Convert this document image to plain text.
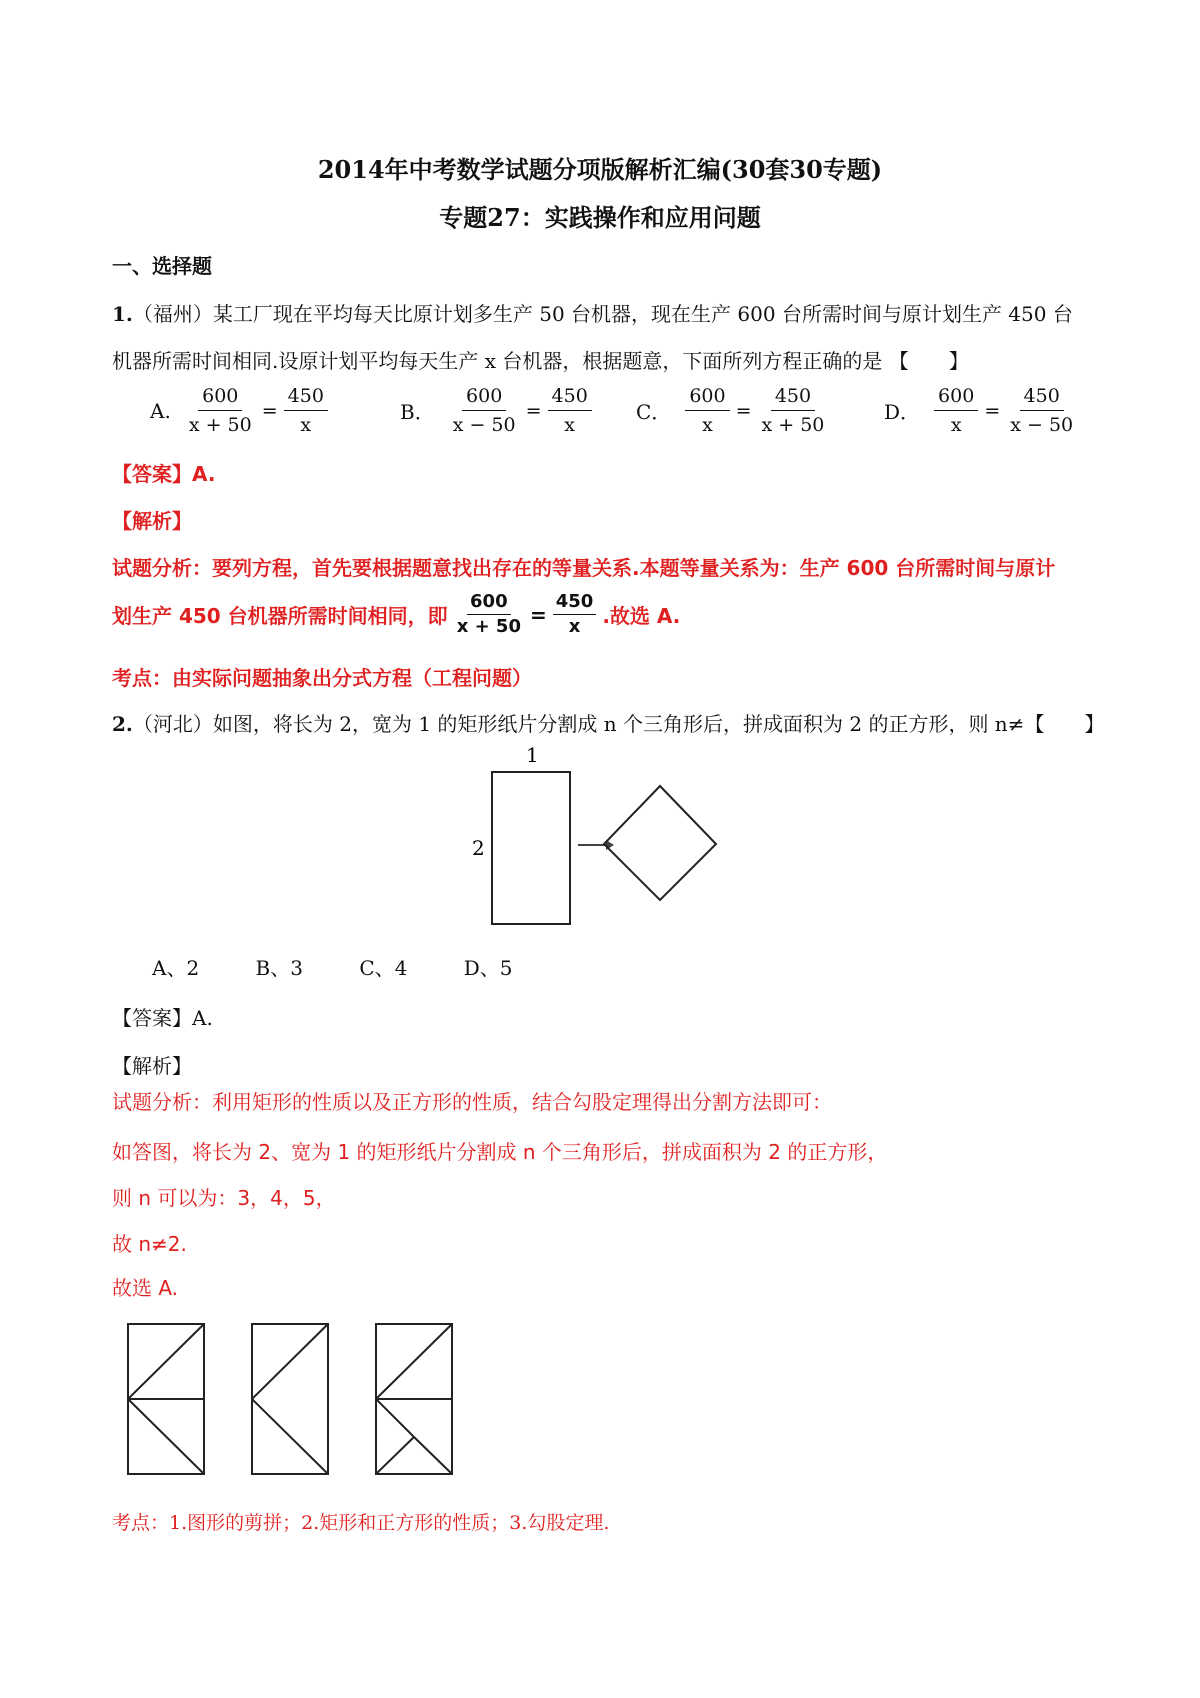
2014年中考数学试题分项版解析汇编(30套30专题)
专题27：实践操作和应用问题
一、选择题
1.（福州）某工厂现在平均每天比原计划多生产 50 台机器，现在生产 600 台所需时间与原计划生产 450 台
机器所需时间相同.设原计划平均每天生产 x 台机器，根据题意，下面所列方程正确的是 【　　】
A. $\frac{600}{x + 50} = \frac{450}{x}$	B． $\frac{600}{x - 50} = \frac{450}{x}$ C． $\frac{600}{x} = \frac{450}{x + 50}$	D． $\frac{600}{x} = \frac{450}{x - 50}$
【答案】A.
【解析】
试题分析：要列方程，首先要根据题意找出存在的等量关系.本题等量关系为：生产 600 台所需时间与原计
划生产 450 台机器所需时间相同，即 $\frac{600}{x + 50} = \frac{450}{x}$ .故选 A.
考点：由实际问题抽象出分式方程（工程问题）
2.（河北）如图，将长为 2，宽为 1 的矩形纸片分割成 n 个三角形后，拼成面积为 2 的正方形，则 n≠【　　】
1
2
A、2	B、3	C、4	D、5
【答案】A.
【解析】
试题分析：利用矩形的性质以及正方形的性质，结合勾股定理得出分割方法即可：
如答图，将长为 2、宽为 1 的矩形纸片分割成 n 个三角形后，拼成面积为 2 的正方形，
则 n 可以为：3，4，5，
故 n≠2.
故选 A.
考点：1.图形的剪拼；2.矩形和正方形的性质；3.勾股定理.
